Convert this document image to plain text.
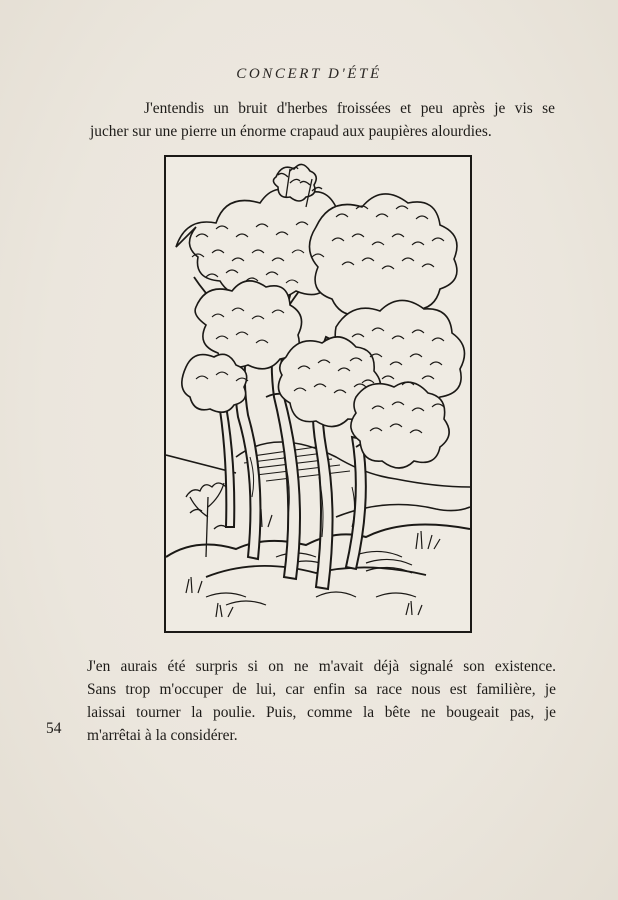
CONCERT D'ÉTÉ
J'entendis un bruit d'herbes froissées et peu après je vis se
jucher sur une pierre un énorme crapaud aux paupières alourdies.
J'en aurais été surpris si on ne m'avait déjà signalé son existence.
Sans trop m'occuper de lui, car enfin sa race nous est familière, je
laissai tourner la poulie. Puis, comme la bête ne bougeait pas, je
m'arrêtai à la considérer.
54
